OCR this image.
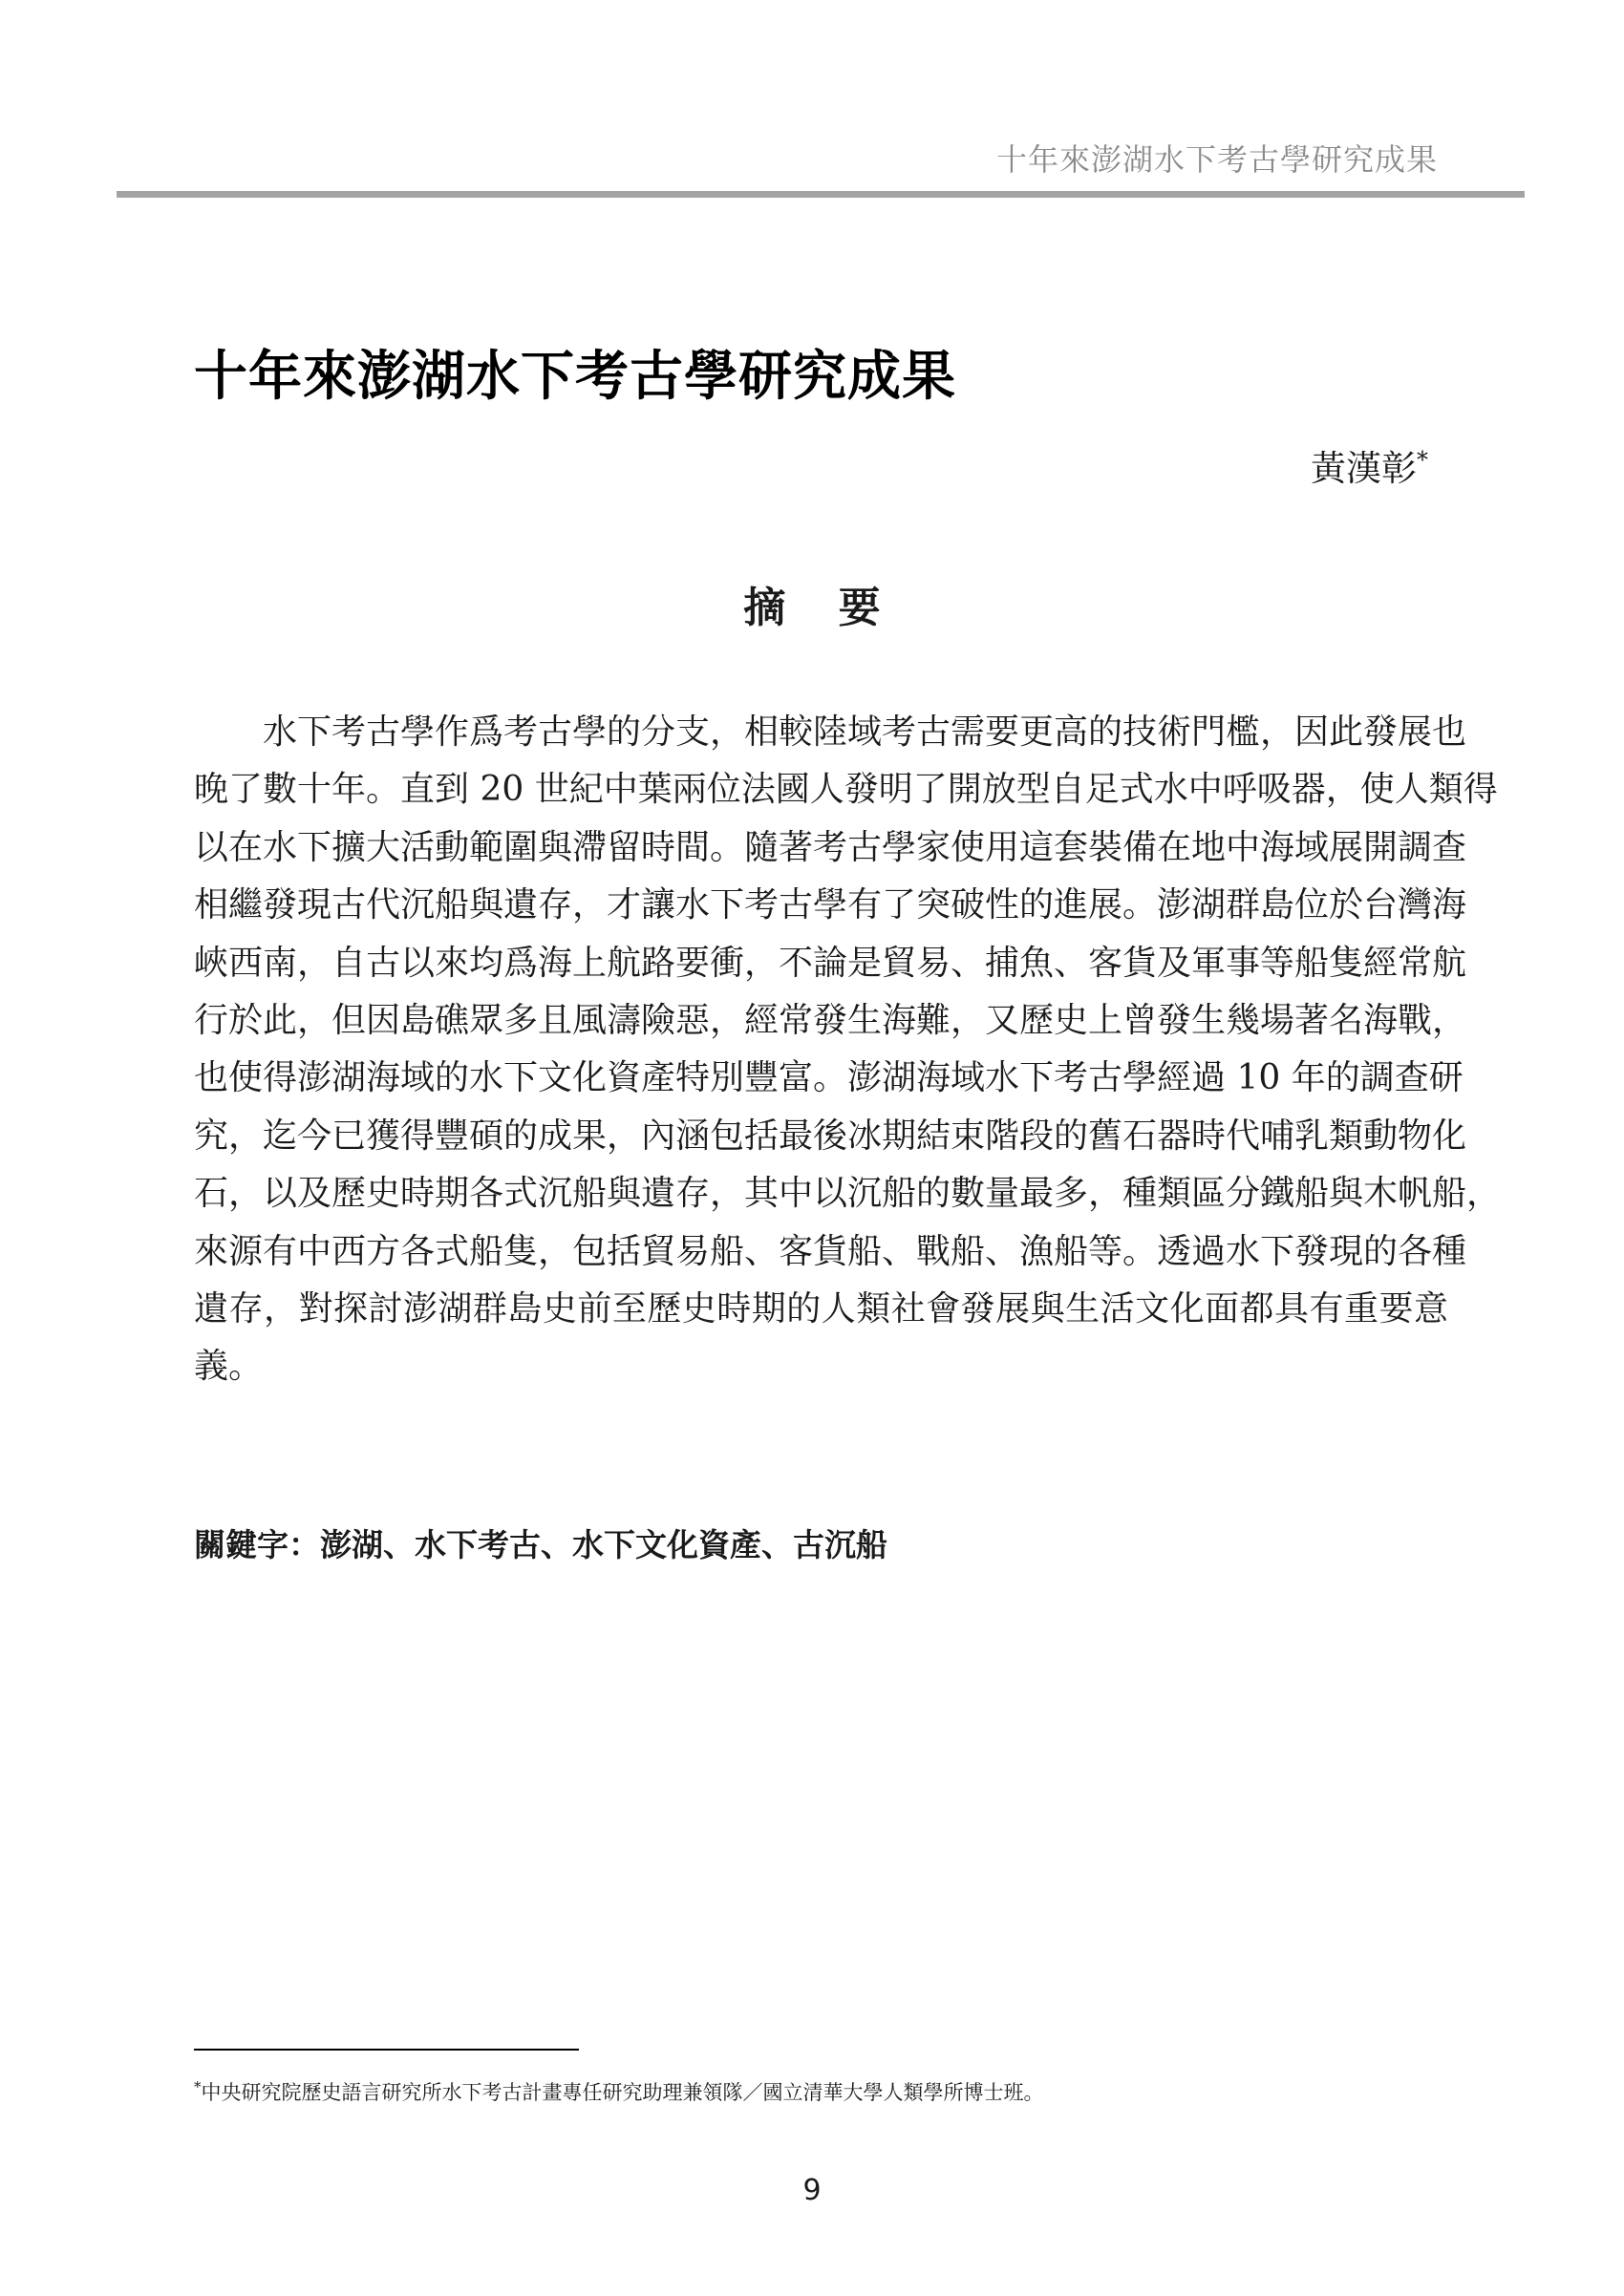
十年來澎湖水下考古學研究成果
十年來澎湖水下考古學研究成果
黃漢彰*
摘 要
水下考古學作爲考古學的分支，相較陸域考古需要更高的技術門檻，因此發展也
晚了數十年。直到 20 世紀中葉兩位法國人發明了開放型自足式水中呼吸器，使人類得
以在水下擴大活動範圍與滯留時間。隨著考古學家使用這套裝備在地中海域展開調查
相繼發現古代沉船與遺存，才讓水下考古學有了突破性的進展。澎湖群島位於台灣海
峽西南，自古以來均爲海上航路要衝，不論是貿易、捕魚、客貨及軍事等船隻經常航
行於此，但因島礁眾多且風濤險惡，經常發生海難，又歷史上曾發生幾場著名海戰，
也使得澎湖海域的水下文化資產特別豐富。澎湖海域水下考古學經過 10 年的調查研
究，迄今已獲得豐碩的成果，內涵包括最後冰期結束階段的舊石器時代哺乳類動物化
石，以及歷史時期各式沉船與遺存，其中以沉船的數量最多，種類區分鐵船與木帆船，
來源有中西方各式船隻，包括貿易船、客貨船、戰船、漁船等。透過水下發現的各種
遺存，對探討澎湖群島史前至歷史時期的人類社會發展與生活文化面都具有重要意
義。
關鍵字：澎湖、水下考古、水下文化資產、古沉船
*中央研究院歷史語言研究所水下考古計畫專任研究助理兼領隊／國立清華大學人類學所博士班。
9
